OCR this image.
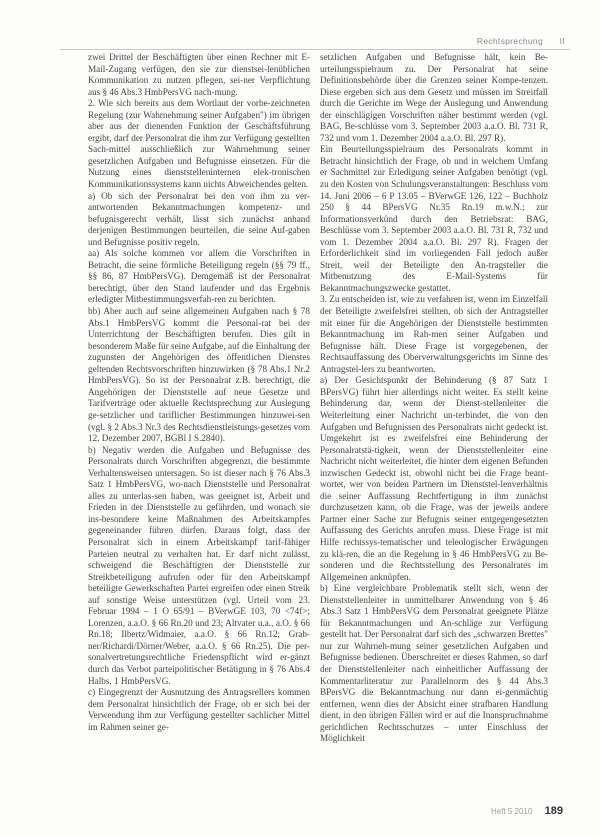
Rechtsprechung II

zwei Drittel der Beschäftigten über einen Rechner mit E-Mail-Zugang verfügen, den sie zur dienstsei-lenüblichen Kommunikation zu nutzen pflegen, sei-ner Verpflichtung aus § 46 Abs.3 HmbPersVG nach-mung.

2. Wie sich bereits aus dem Wortlaut der vorbe-zeichneten Regelung (zur Wahrnehmung seiner Aufgaben") im übrigen aber aus der dienenden Funktion der Geschäftsführung ergibt, darf der Personalrat die ihm zur Verfügung gestellten Sach-mittel ausschließlich zur Wahrnehmung seiner gesetzlichen Aufgaben und Befugnisse einsetzen. Für die Nutzung eines dienststelleninternen elek-tronischen Kommunikationssystems kann nichts Abweichendes gelten.

a) Ob sich der Personalrat bei den von ihm zu ver-antwortenden Bekanntmachungen kompetenz- und befugnisgerecht verhält, lässt sich zunächst anhand derjenigen Bestimmungen beurteilen, die seine Auf-gaben und Befugnisse positiv regeln.

aa) Als solche kommen vor allem die Vorschriften in Betracht, die seine förmliche Beteiligung regeln (§§ 79 ff., §§ 86, 87 HmbPersVG). Demgemäß ist der Personalrat berechtigt, über den Stand laufender und das Ergebnis erledigter Mitbestimmungsverfah-ren zu berichten.

bb) Aber auch auf seine allgemeinen Aufgaben nach § 78 Abs.1 HmbPersVG kommt die Personal-rat bei der Unterrichtung der Beschäftigten berufen. Dies gilt in besonderem Maße für seine Aufgabe, auf die Einhaltung der zugunsten der Angehörigen des öffentlichen Dienstes geltenden Rechtsvorschriften hinzuwirken (§ 78 Abs.1 Nr.2 HmbPersVG). So ist der Personalrat z.B. berechtigt, die Angehörigen der Dienststelle auf neue Gesetze und Tarifverträge oder aktuelle Rechtsprechung zur Auslegung ge-setzlicher und tariflicher Bestimmungen hinzuwei-sen (vgl. § 2 Abs.3 Nr.3 des Rechtsdienstleistungs-gesetzes vom 12. Dezember 2007, BGBl I S.2840).

b) Negativ werden die Aufgaben und Befugnisse des Personalrats durch Vorschriften abgegrenzt, die bestimmte Verhaltensweisen untersagen. So ist dieser nach § 76 Abs.3 Satz 1 HmbPersVG, wo-nach Dienststelle und Personalrat alles zu unterlas-sen haben, was geeignet ist, Arbeit und Frieden in der Dienststelle zu gefährden, und wonach sie ins-besondere keine Maßnahmen des Arbeitskampfes gegeneinander führen dürfen. Daraus folgt, dass der Personalrat sich in einem Arbeitskampf tarif-fähiger Parteien neutral zu verhalten hat. Er darf nicht zulässt, schweigend die Beschäftigten der Dienststelle zur Streikbeteiligung aufrufen oder für den Arbeitskampf beteiligte Gewerkschaften Partei ergreifen oder einen Streik auf sonstige Weise unterstützen (vgl. Urteil vom 23. Februar 1994 – 1 O 65/91 – BVerwGE 103, 70 <74f>; Lorenzen, a.a.O. § 66 Rn.20 und 23; Altvater u.a., a.O. § 66 Rn.18; Ilbertz/Widmaier, a.a.O. § 66 Rn.12; Grab-ner/Richardi/Dörner/Weber, a.a.O. § 66 Rn.25). Die per-sonalvertretungsrechtliche Friedenspflicht wird er-gänzt durch das Verbot parteipolitischer Betätigung in § 76 Abs.4 Halbs. 1 HmbPersVG.

c) Eingegrenzt der Ausnutzung des Antragsrellers kommen dem Personalrat hinsichtlich der Frage, ob er sich bei der Verwendung ihm zur Verfügung gestellter sachlicher Mittel im Rahmen seiner ge-

setzlichen Aufgaben und Befugnisse hält, kein Be-urteilungsspielraum zu. Der Personalrat hat seine Definitionsbehörde über die Grenzen seiner Kompe-tenzen. Diese ergeben sich aus dem Gesetz und müssen im Streitfall durch die Gerichte im Wege der Auslegung und Anwendung der einschlägigen Vorschriften näher bestimmt werden (vgl. BAG, Be-schlüsse vom 3. September 2003 a.a.O. Bl. 731 R, 732 und vom 1. Dezember 2004 a.a.O. Bl. 297 R).

Ein Beurteilungsspielraum des Personalrats kommt in Betracht hinsichtlich der Frage, ob und in welchem Umfang er Sachmittel zur Erledigung seiner Aufgaben benötigt (vgl. zu den Kosten von Schulungsveranstaltungen: Beschluss vom 14. Juni 2006 – 6 P 13.05 – BVerwGE 126, 122 – Buchholz 250 § 44 BPersVG Nr.35 Rn.19 m.w.N.; zur Informationsverkünd durch den Betriebsrat: BAG, Beschlüsse vom 3. September 2003 a.a.O. Bl. 731 R, 732 und vom 1. Dezember 2004 a.a.O. Bl. 297 R). Fragen der Erforderlichkeit sind im vorliegenden Fall jedoch außer Streit, weil der Beteiligte den An-tragsteller die Mitbenutzung des E-Mail-Systems für Bekanntmachungszwecke gestattet.

3. Zu entscheiden ist, wie zu verfahren ist, wenn im Einzelfall der Beteiligte zweifelsfrei stellten, ob sich der Antragsteller mit einer für die Angehörigen der Dienststelle bestimmten Bekanntmachung im Rah-men seiner Aufgaben und Befugnisse hält. Diese Frage ist vorgegebenen, der Rechtsauffassung des Oberverwaltungsgerichts im Sinne des Antragstel-lers zu beantworten.

a) Der Gesichtspunkt der Behinderung (§ 87 Satz 1 BPersVG) führt hier allerdings nicht weiter. Es stellt keine Behinderung dar, wenn der Dienst-stellenleiter die Weiterleitung einer Nachricht un-terbindet, die von den Aufgaben und Befugnissen des Personalrats nicht gedeckt ist. Umgekehrt ist es zweifelsfrei eine Behinderung der Personalratstä-tigkeit, wenn der Dienststellenleiter eine Nachricht nicht weiterleitet, die hinter dem eigenen Befunden inzwischen Gedeckt ist, obwohl nicht bei die Frage beant-wortet, wer von beiden Partnern im Dienststel-lenverhältnis die seiner Auffassung Rechtfertigung in ihm zunächst durchzusetzen kann, ob die Frage, was der jeweils andere Partner einer Sache zur Befugnis seiner entgegengesetzten Auffassung des Gerichts anrufen muss. Diese Frage ist mit Hilfe rechtssys-tematischer und teleologischer Erwägungen zu klä-ren, die an die Regelung in § 46 HmbPersVG zu Be-sonderen und die Rechtsstellung des Personalrates im Allgemeinen anknüpfen.

b) Eine vergleichbare Problematik stellt sich, wenn der Dienststellenleiter in unmittelbarer Anwendung von § 46 Abs.3 Satz 1 HmbPersVG dem Personalrat geeignete Plätze für Bekanntmachungen und An-schläge zur Verfügung gestellt hat. Der Personalrat darf sich des „schwarzen Brettes" nur zur Wahrneh-mung seiner gesetzlichen Aufgaben und Befugnisse bedienen. Überschreitet er dieses Rahmen, so darf der Dienststellenleiter nach einheitlicher Auffassung der Kommentarliteratur zur Parallelnorm des § 44 Abs.3 BPersVG die Bekanntmachung nur dann ei-genmächtig entfernen, wenn dies der Absicht einer strafbaren Handlung dient, in den übrigen Fällen wird er auf die Inanspruchnahme gerichtlichen Rechtsschutzes – unter Einschluss der Möglichkeit

Heft 5 2010 189
